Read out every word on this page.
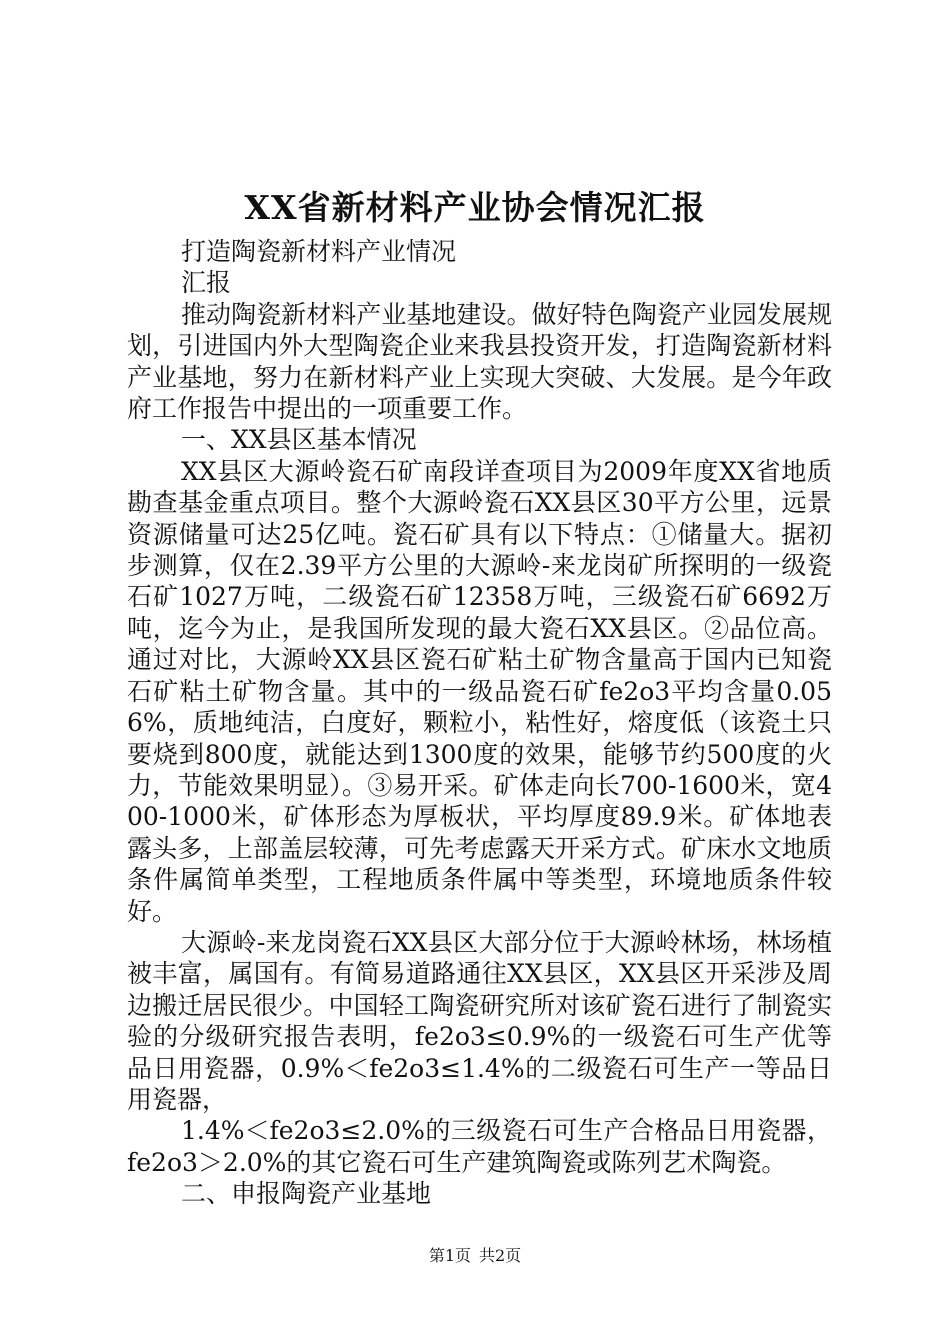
XX省新材料产业协会情况汇报

打造陶瓷新材料产业情况

汇报

推动陶瓷新材料产业基地建设。做好特色陶瓷产业园发展规划，引进国内外大型陶瓷企业来我县投资开发，打造陶瓷新材料产业基地，努力在新材料产业上实现大突破、大发展。是今年政府工作报告中提出的一项重要工作。

一、XX县区基本情况

XX县区大源岭瓷石矿南段详查项目为2009年度XX省地质勘查基金重点项目。整个大源岭瓷石XX县区30平方公里，远景资源储量可达25亿吨。瓷石矿具有以下特点：①储量大。据初步测算，仅在2.39平方公里的大源岭-来龙岗矿所探明的一级瓷石矿1027万吨，二级瓷石矿12358万吨，三级瓷石矿6692万吨，迄今为止，是我国所发现的最大瓷石XX县区。②品位高。通过对比，大源岭XX县区瓷石矿粘土矿物含量高于国内已知瓷石矿粘土矿物含量。其中的一级品瓷石矿fe2o3平均含量0.056%，质地纯洁，白度好，颗粒小，粘性好，熔度低（该瓷土只要烧到800度，就能达到1300度的效果，能够节约500度的火力，节能效果明显）。③易开采。矿体走向长700-1600米，宽400-1000米，矿体形态为厚板状，平均厚度89.9米。矿体地表露头多，上部盖层较薄，可先考虑露天开采方式。矿床水文地质条件属简单类型，工程地质条件属中等类型，环境地质条件较好。

大源岭-来龙岗瓷石XX县区大部分位于大源岭林场，林场植被丰富，属国有。有简易道路通往XX县区，XX县区开采涉及周边搬迁居民很少。中国轻工陶瓷研究所对该矿瓷石进行了制瓷实验的分级研究报告表明，fe2o3≤0.9%的一级瓷石可生产优等品日用瓷器，0.9%＜fe2o3≤1.4%的二级瓷石可生产一等品日用瓷器，

1.4%＜fe2o3≤2.0%的三级瓷石可生产合格品日用瓷器，fe2o3＞2.0%的其它瓷石可生产建筑陶瓷或陈列艺术陶瓷。

二、申报陶瓷产业基地

第1页 共2页
